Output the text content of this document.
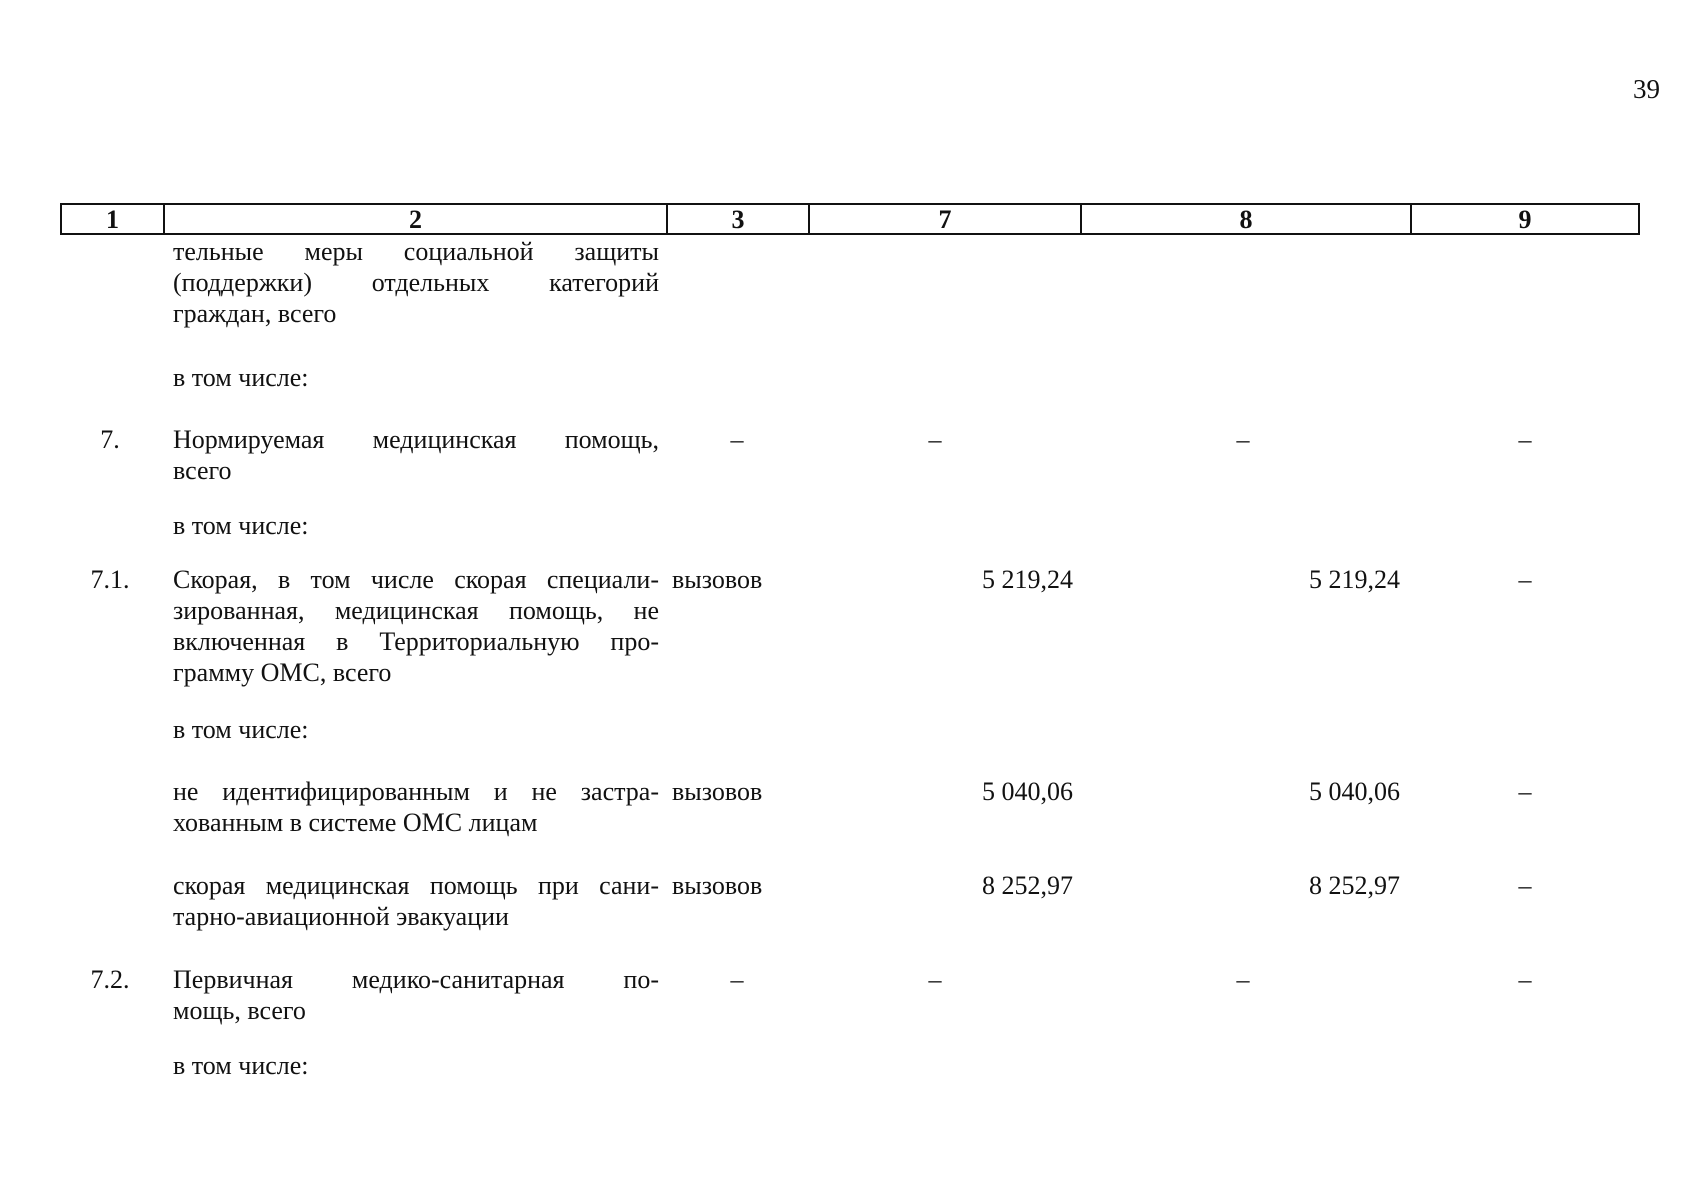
39
1	2	3	7	8	9
тельные меры социальной защиты
(поддержки) отдельных категорий
граждан, всего
в том числе:
7.	Нормируемая медицинская помощь,
всего
–	–	–	–
в том числе:
7.1.	Скорая, в том числе скорая специали-
зированная, медицинская помощь, не
включенная в Территориальную про-
грамму ОМС, всего
вызовов	5 219,24	5 219,24	–
в том числе:
не идентифицированным и не застра-
хованным в системе ОМС лицам
вызовов	5 040,06	5 040,06	–
скорая медицинская помощь при сани-
тарно-авиационной эвакуации
вызовов	8 252,97	8 252,97	–
7.2.	Первичная медико-санитарная по-
мощь, всего
–	–	–	–
в том числе:
